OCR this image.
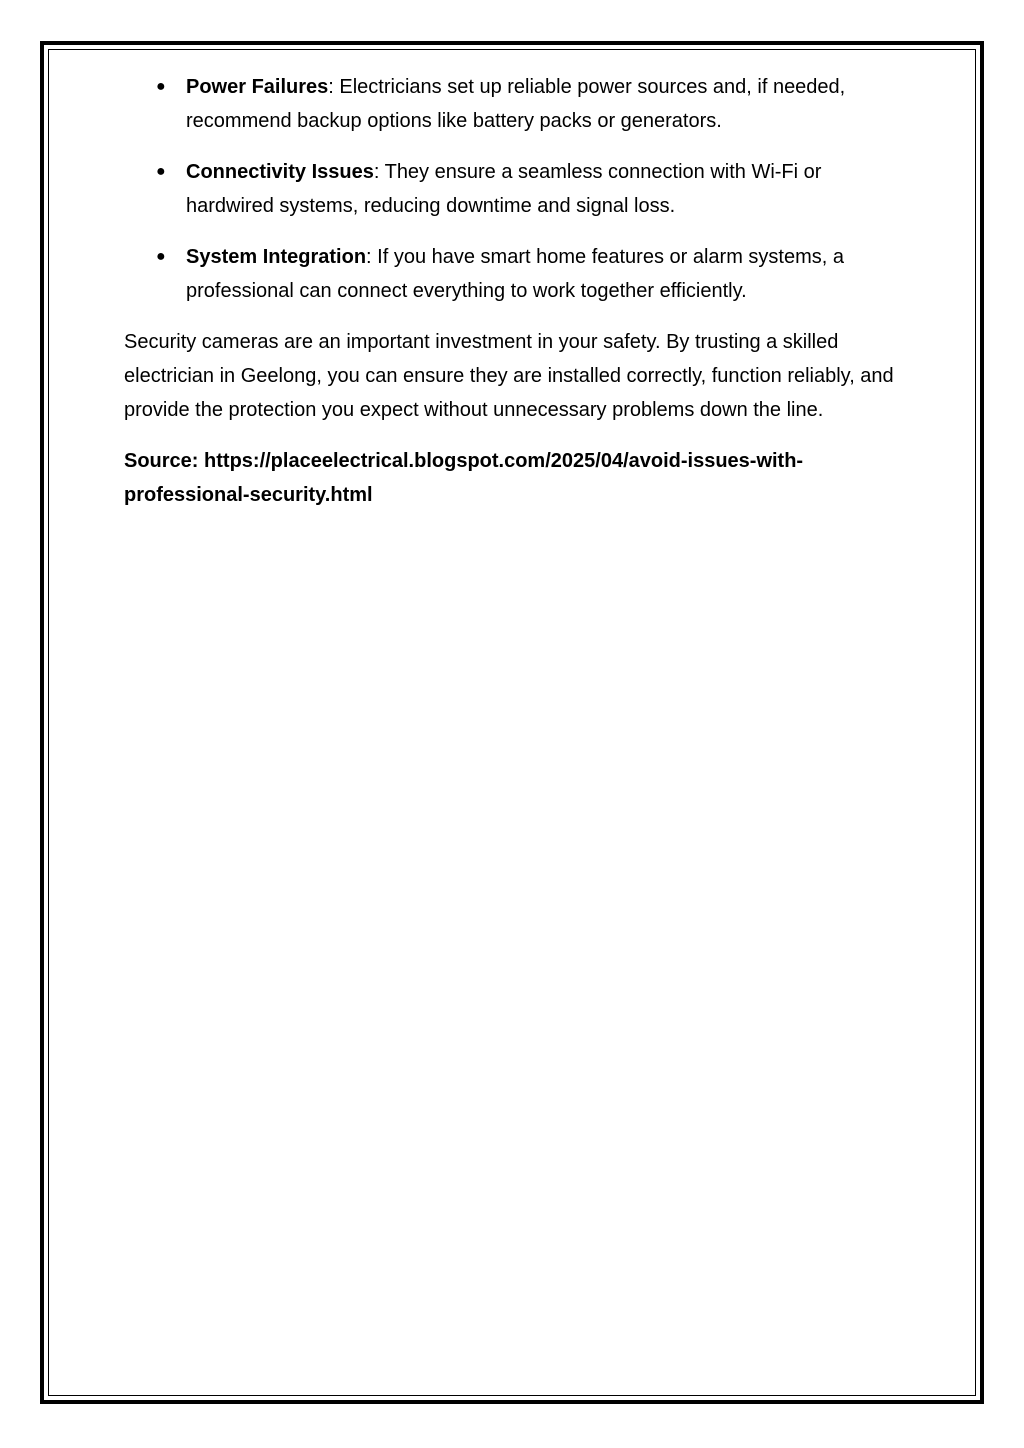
● Power Failures: Electricians set up reliable power sources and, if needed, recommend backup options like battery packs or generators.
● Connectivity Issues: They ensure a seamless connection with Wi-Fi or hardwired systems, reducing downtime and signal loss.
● System Integration: If you have smart home features or alarm systems, a professional can connect everything to work together efficiently.

Security cameras are an important investment in your safety. By trusting a skilled electrician in Geelong, you can ensure they are installed correctly, function reliably, and provide the protection you expect without unnecessary problems down the line.

Source: https://placeelectrical.blogspot.com/2025/04/avoid-issues-with-
professional-security.html
